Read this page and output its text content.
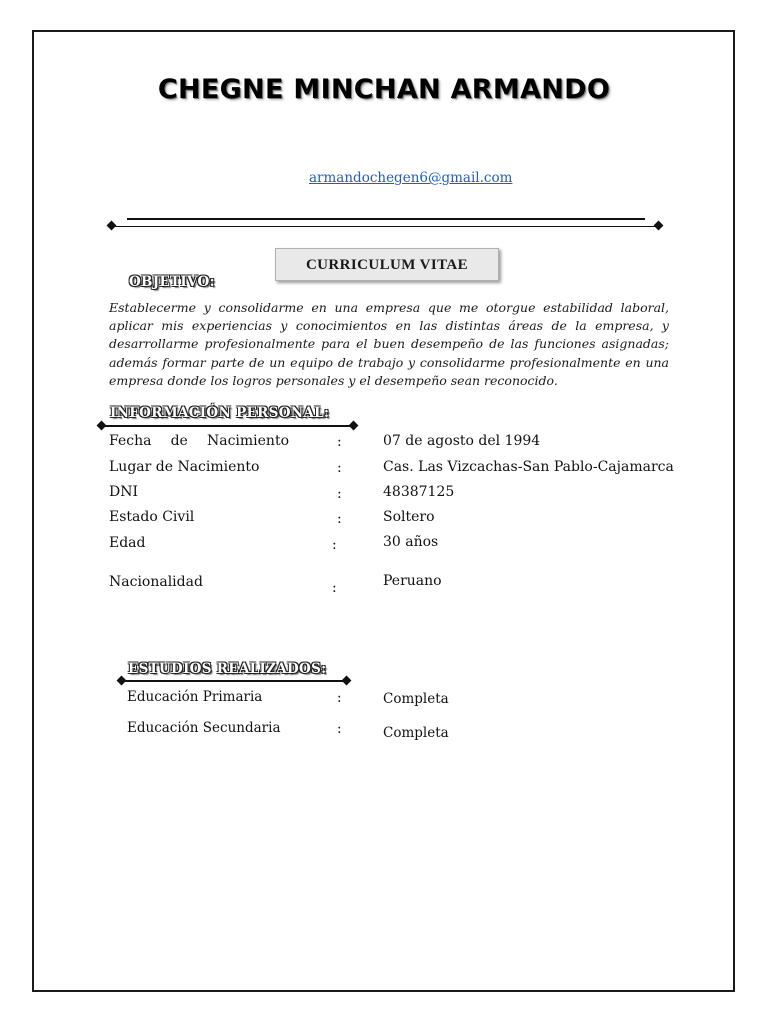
CHEGNE MINCHAN ARMANDO
armandochegen6@gmail.com
CURRICULUM VITAE
OBJETIVO:
Establecerme y consolidarme en una empresa que me otorgue estabilidad laboral, aplicar mis experiencias y conocimientos en las distintas áreas de la empresa, y desarrollarme profesionalmente para el buen desempeño de las funciones asignadas; además formar parte de un equipo de trabajo y consolidarme profesionalmente en una empresa donde los logros personales y el desempeño sean reconocido.
INFORMACIÓN PERSONAL:
Fecha de Nacimiento	:	07 de agosto del 1994
Lugar de Nacimiento	:	Cas. Las Vizcachas-San Pablo-Cajamarca
DNI	:	48387125
Estado Civil	:	Soltero
Edad	:	30 años
Nacionalidad	:	Peruano
ESTUDIOS REALIZADOS:
Educación Primaria	:	Completa
Educación Secundaria	:	Completa
